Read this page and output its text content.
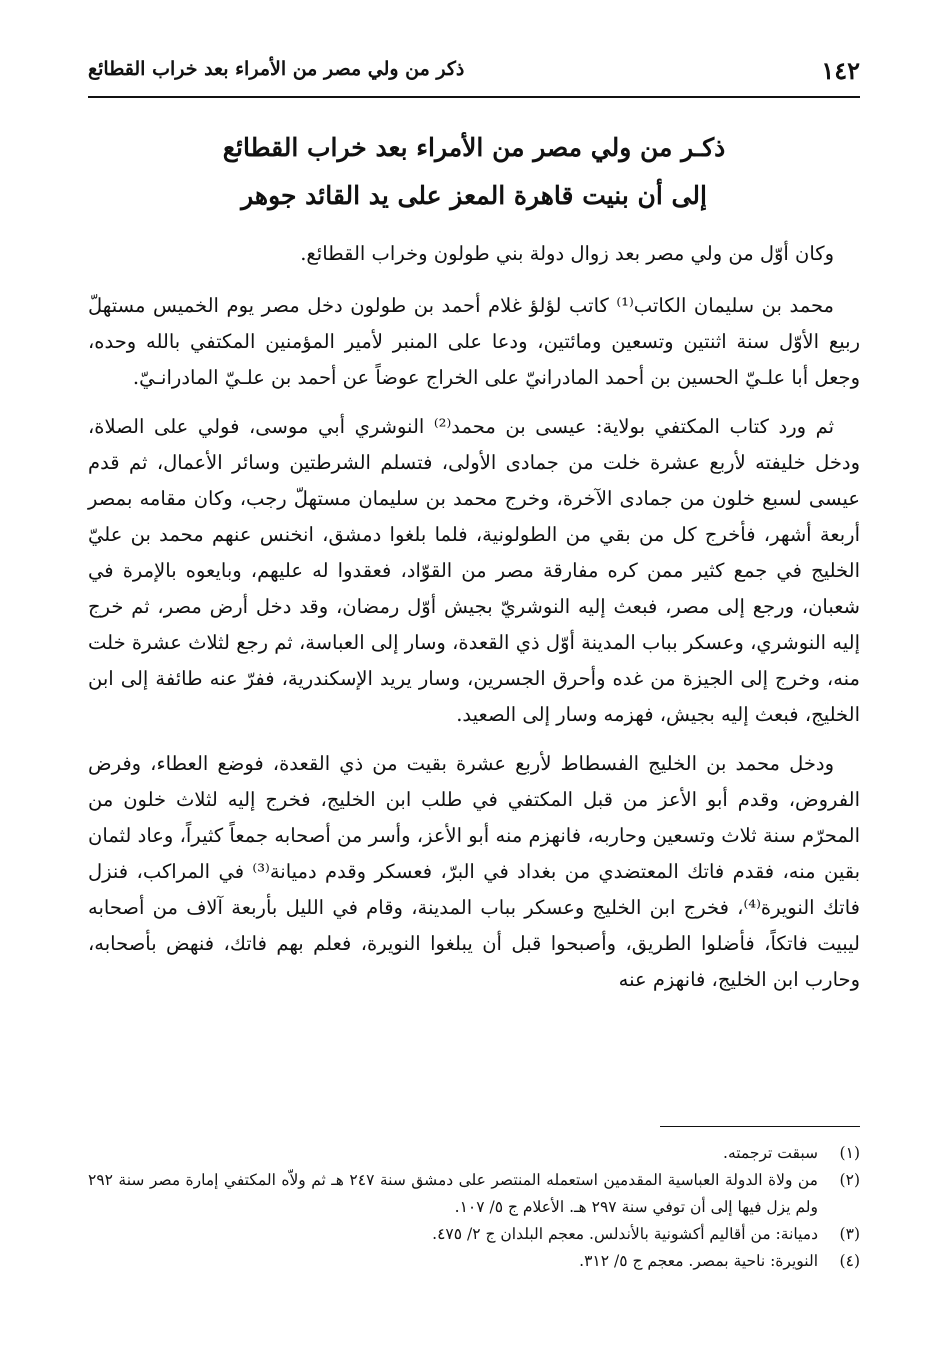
١٤٢
ذكر من ولي مصر من الأمراء بعد خراب القطائع
ذكـر من ولي مصر من الأمراء بعد خراب القطائع
إلى أن بنيت قاهرة المعز على يد القائد جوهر

وكان أوّل من ولي مصر بعد زوال دولة بني طولون وخراب القطائع.

محمد بن سليمان الكاتب⁽¹⁾ كاتب لؤلؤ غلام أحمد بن طولون دخل مصر يوم الخميس مستهلّ ربيع الأوّل سنة اثنتين وتسعين ومائتين، ودعا على المنبر لأمير المؤمنين المكتفي بالله وحده، وجعل أبا علـيّ الحسين بن أحمد المادرانيّ على الخراج عوضاً عن أحمد بن علـيّ المادرانـيّ.

ثم ورد كتاب المكتفي بولاية: عيسى بن محمد⁽²⁾ النوشري أبي موسى، فولي على الصلاة، ودخل خليفته لأربع عشرة خلت من جمادى الأولى، فتسلم الشرطتين وسائر الأعمال، ثم قدم عيسى لسبع خلون من جمادى الآخرة، وخرج محمد بن سليمان مستهلّ رجب، وكان مقامه بمصر أربعة أشهر، فأخرج كل من بقي من الطولونية، فلما بلغوا دمشق، انخنس عنهم محمد بن عليّ الخليج في جمع كثير ممن كره مفارقة مصر من القوّاد، فعقدوا له عليهم، وبايعوه بالإمرة في شعبان، ورجع إلى مصر، فبعث إليه النوشريّ بجيش أوّل رمضان، وقد دخل أرض مصر، ثم خرج إليه النوشري، وعسكر بباب المدينة أوّل ذي القعدة، وسار إلى العباسة، ثم رجع لثلاث عشرة خلت منه، وخرج إلى الجيزة من غده وأحرق الجسرين، وسار يريد الإسكندرية، ففرّ عنه طائفة إلى ابن الخليج، فبعث إليه بجيش، فهزمه وسار إلى الصعيد.

ودخل محمد بن الخليج الفسطاط لأربع عشرة بقيت من ذي القعدة، فوضع العطاء، وفرض الفروض، وقدم أبو الأعز من قبل المكتفي في طلب ابن الخليج، فخرج إليه لثلاث خلون من المحرّم سنة ثلاث وتسعين وحاربه، فانهزم منه أبو الأعز، وأسر من أصحابه جمعاً كثيراً، وعاد لثمان بقين منه، فقدم فاتك المعتضدي من بغداد في البرّ، فعسكر وقدم دميانة⁽³⁾ في المراكب، فنزل فاتك النويرة⁽⁴⁾، فخرج ابن الخليج وعسكر بباب المدينة، وقام في الليل بأربعة آلاف من أصحابه ليبيت فاتكاً، فأضلوا الطريق، وأصبحوا قبل أن يبلغوا النويرة، فعلم بهم فاتك، فنهض بأصحابه، وحارب ابن الخليج، فانهزم عنه

(١)
سبقت ترجمته.
(٢)
من ولاة الدولة العباسية المقدمين استعمله المنتصر على دمشق سنة ٢٤٧ هـ ثم ولاّه المكتفي إمارة مصر سنة ٢٩٢ ولم يزل فيها إلى أن توفي سنة ٢٩٧ هـ. الأعلام ج ٥/ ١٠٧.
(٣)
دميانة: من أقاليم أكشونية بالأندلس. معجم البلدان ج ٢/ ٤٧٥.
(٤)
النويرة: ناحية بمصر. معجم ج ٥/ ٣١٢.
